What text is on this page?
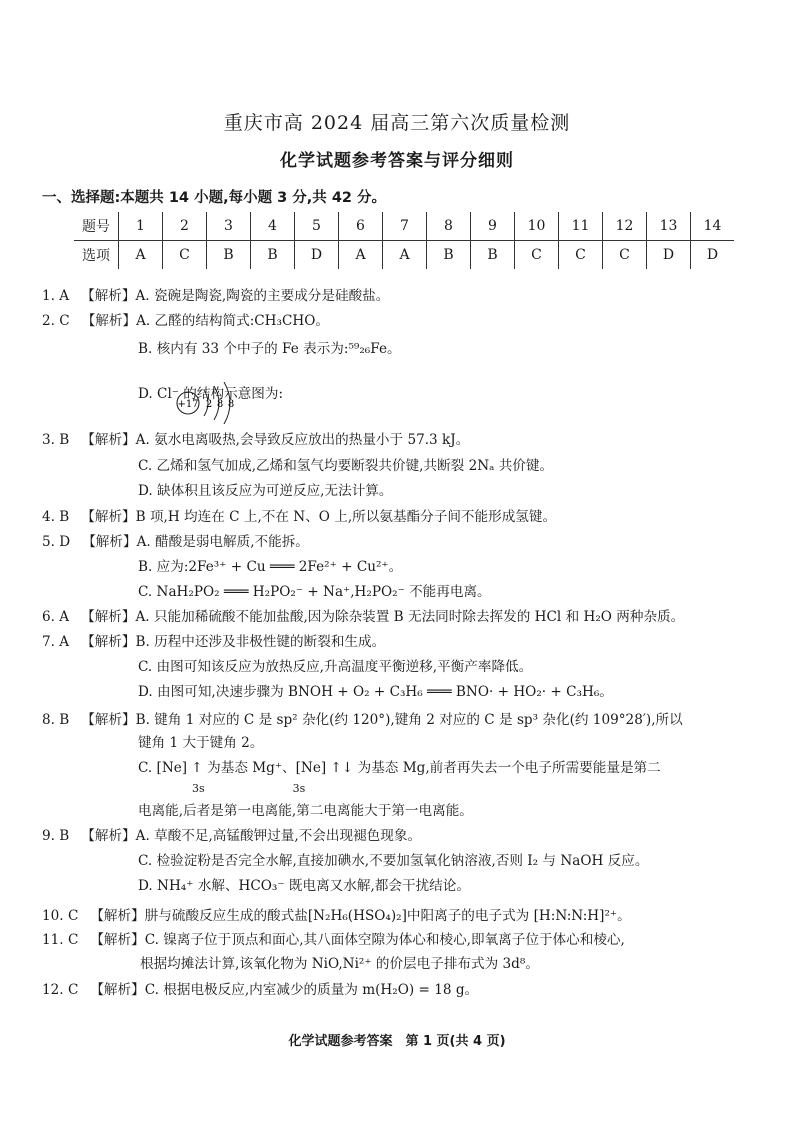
重庆市高 2024 届高三第六次质量检测
化学试题参考答案与评分细则
一、选择题:本题共 14 小题,每小题 3 分,共 42 分。
题号	1	2	3	4	5	6	7	8	9	10	11	12	13	14
选项	A	C	B	B	D	A	A	B	B	C	C	C	D	D
1. A 【解析】A. 瓷碗是陶瓷,陶瓷的主要成分是硅酸盐。
2. C 【解析】A. 乙醛的结构简式:CH₃CHO。
B. 核内有 33 个中子的 Fe 表示为:⁵⁹₂₆Fe。
D. Cl⁻ 的结构示意图为:
3. B 【解析】A. 氨水电离吸热,会导致反应放出的热量小于 57.3 kJ。
C. 乙烯和氢气加成,乙烯和氢气均要断裂共价键,共断裂 2Nₐ 共价键。
D. 缺体积且该反应为可逆反应,无法计算。
4. B 【解析】B 项,H 均连在 C 上,不在 N、O 上,所以氨基酯分子间不能形成氢键。
5. D 【解析】A. 醋酸是弱电解质,不能拆。
B. 应为:2Fe³⁺ + Cu ═══ 2Fe²⁺ + Cu²⁺。
C. NaH₂PO₂ ═══ H₂PO₂⁻ + Na⁺,H₂PO₂⁻ 不能再电离。
6. A 【解析】A. 只能加稀硫酸不能加盐酸,因为除杂装置 B 无法同时除去挥发的 HCl 和 H₂O 两种杂质。
7. A 【解析】B. 历程中还涉及非极性键的断裂和生成。
C. 由图可知该反应为放热反应,升高温度平衡逆移,平衡产率降低。
D. 由图可知,决速步骤为 BNOH + O₂ + C₃H₆ ═══ BNO· + HO₂· + C₃H₆。
8. B 【解析】B. 键角 1 对应的 C 是 sp² 杂化(约 120°),键角 2 对应的 C 是 sp³ 杂化(约 109°28′),所以
键角 1 大于键角 2。
C. [Ne] ↑ 为基态 Mg⁺、[Ne] ↑↓ 为基态 Mg,前者再失去一个电子所需要能量是第二
3s　　　　　　　　3s
电离能,后者是第一电离能,第二电离能大于第一电离能。
9. B 【解析】A. 草酸不足,高锰酸钾过量,不会出现褪色现象。
C. 检验淀粉是否完全水解,直接加碘水,不要加氢氧化钠溶液,否则 I₂ 与 NaOH 反应。
D. NH₄⁺ 水解、HCO₃⁻ 既电离又水解,都会干扰结论。
10. C 【解析】肼与硫酸反应生成的酸式盐[N₂H₆(HSO₄)₂]中阳离子的电子式为 [H:N:N:H]²⁺。
11. C 【解析】C. 镍离子位于顶点和面心,其八面体空隙为体心和棱心,即氧离子位于体心和棱心,
根据均摊法计算,该氧化物为 NiO,Ni²⁺ 的价层电子排布式为 3d⁸。
12. C 【解析】C. 根据电极反应,内室减少的质量为 m(H₂O) = 18 g。
+17 2 8 8
化学试题参考答案　第 1 页(共 4 页)
